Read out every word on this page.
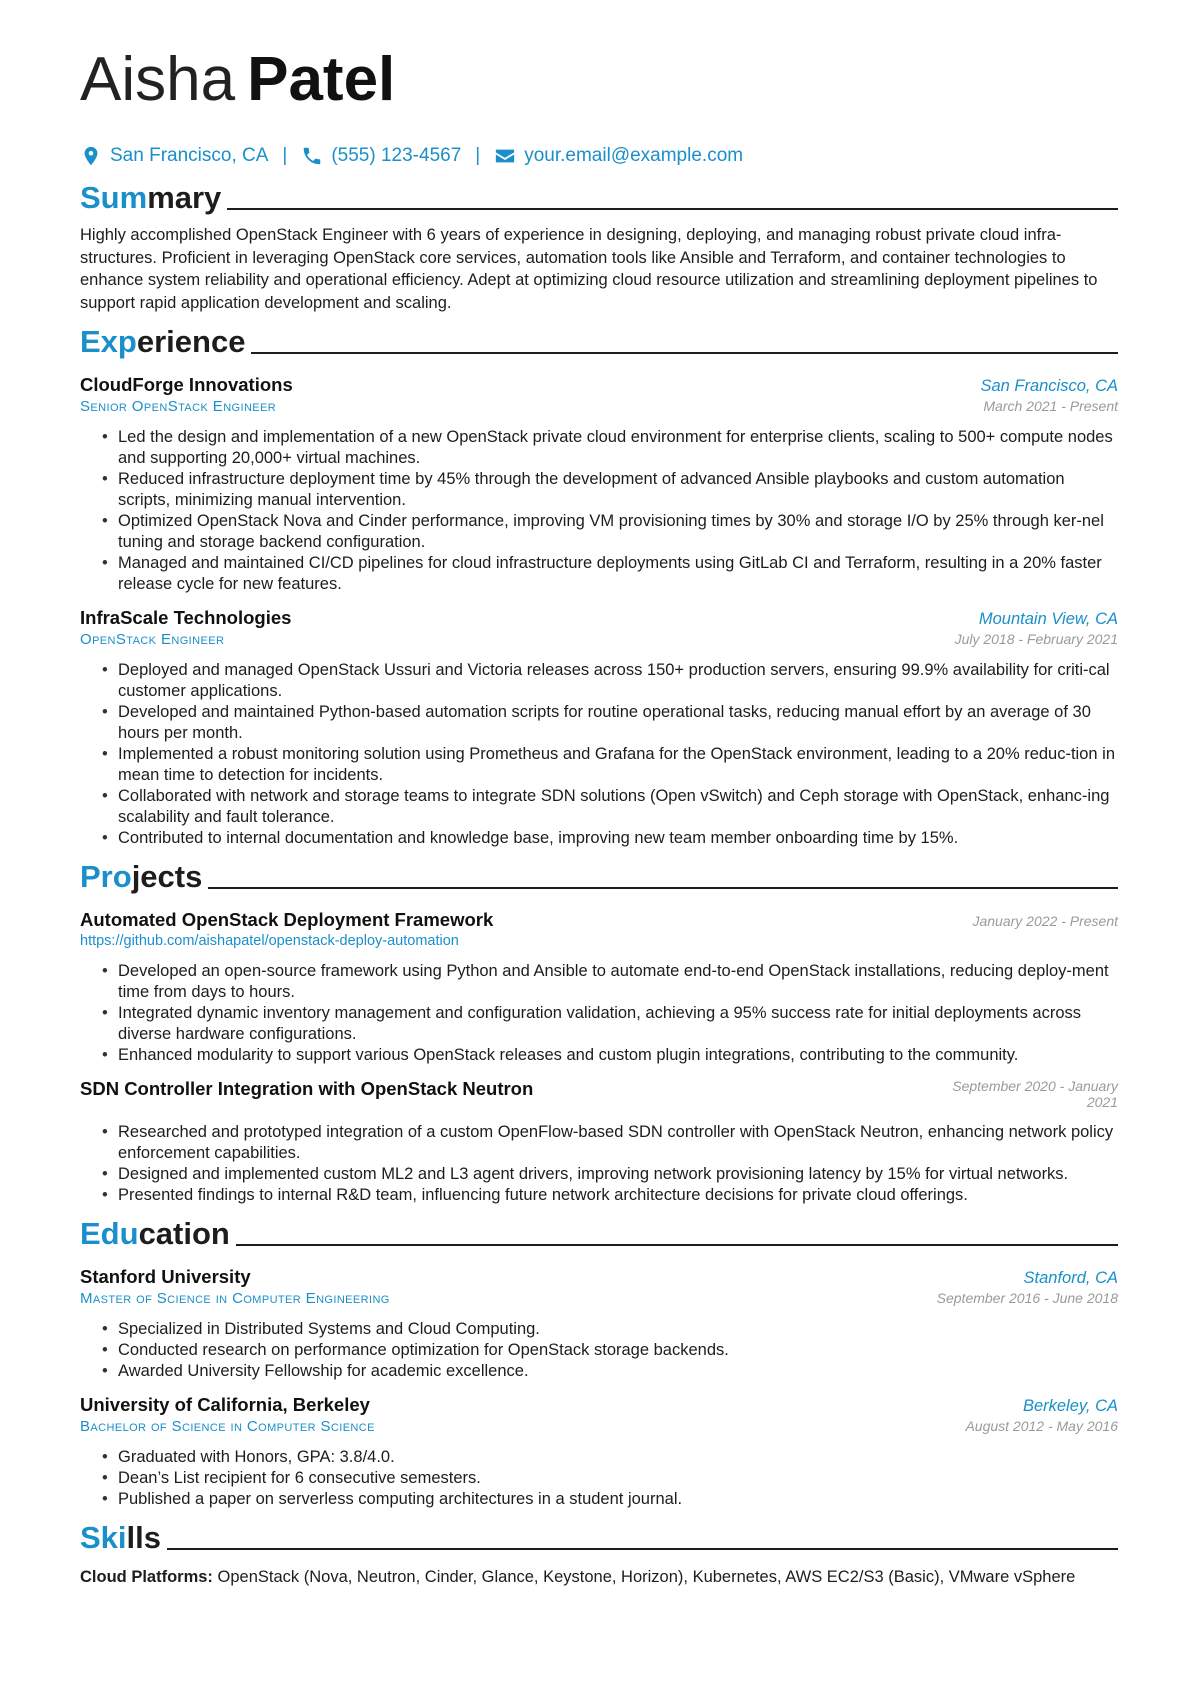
Aisha Patel
San Francisco, CA | (555) 123-4567 | your.email@example.com
Summary
Highly accomplished OpenStack Engineer with 6 years of experience in designing, deploying, and managing robust private cloud infra-structures. Proficient in leveraging OpenStack core services, automation tools like Ansible and Terraform, and container technologies to enhance system reliability and operational efficiency. Adept at optimizing cloud resource utilization and streamlining deployment pipelines to support rapid application development and scaling.
Experience
CloudForge Innovations	San Francisco, CA
Senior OpenStack Engineer	March 2021 - Present
• Led the design and implementation of a new OpenStack private cloud environment for enterprise clients, scaling to 500+ compute nodes and supporting 20,000+ virtual machines.
• Reduced infrastructure deployment time by 45% through the development of advanced Ansible playbooks and custom automation scripts, minimizing manual intervention.
• Optimized OpenStack Nova and Cinder performance, improving VM provisioning times by 30% and storage I/O by 25% through ker-nel tuning and storage backend configuration.
• Managed and maintained CI/CD pipelines for cloud infrastructure deployments using GitLab CI and Terraform, resulting in a 20% faster release cycle for new features.
InfraScale Technologies	Mountain View, CA
OpenStack Engineer	July 2018 - February 2021
• Deployed and managed OpenStack Ussuri and Victoria releases across 150+ production servers, ensuring 99.9% availability for criti-cal customer applications.
• Developed and maintained Python-based automation scripts for routine operational tasks, reducing manual effort by an average of 30 hours per month.
• Implemented a robust monitoring solution using Prometheus and Grafana for the OpenStack environment, leading to a 20% reduc-tion in mean time to detection for incidents.
• Collaborated with network and storage teams to integrate SDN solutions (Open vSwitch) and Ceph storage with OpenStack, enhanc-ing scalability and fault tolerance.
• Contributed to internal documentation and knowledge base, improving new team member onboarding time by 15%.
Projects
Automated OpenStack Deployment Framework	January 2022 - Present
https://github.com/aishapatel/openstack-deploy-automation
• Developed an open-source framework using Python and Ansible to automate end-to-end OpenStack installations, reducing deploy-ment time from days to hours.
• Integrated dynamic inventory management and configuration validation, achieving a 95% success rate for initial deployments across diverse hardware configurations.
• Enhanced modularity to support various OpenStack releases and custom plugin integrations, contributing to the community.
SDN Controller Integration with OpenStack Neutron	September 2020 - January 2021
• Researched and prototyped integration of a custom OpenFlow-based SDN controller with OpenStack Neutron, enhancing network policy enforcement capabilities.
• Designed and implemented custom ML2 and L3 agent drivers, improving network provisioning latency by 15% for virtual networks.
• Presented findings to internal R&D team, influencing future network architecture decisions for private cloud offerings.
Education
Stanford University	Stanford, CA
Master of Science in Computer Engineering	September 2016 - June 2018
• Specialized in Distributed Systems and Cloud Computing.
• Conducted research on performance optimization for OpenStack storage backends.
• Awarded University Fellowship for academic excellence.
University of California, Berkeley	Berkeley, CA
Bachelor of Science in Computer Science	August 2012 - May 2016
• Graduated with Honors, GPA: 3.8/4.0.
• Dean’s List recipient for 6 consecutive semesters.
• Published a paper on serverless computing architectures in a student journal.
Skills
Cloud Platforms: OpenStack (Nova, Neutron, Cinder, Glance, Keystone, Horizon), Kubernetes, AWS EC2/S3 (Basic), VMware vSphere
